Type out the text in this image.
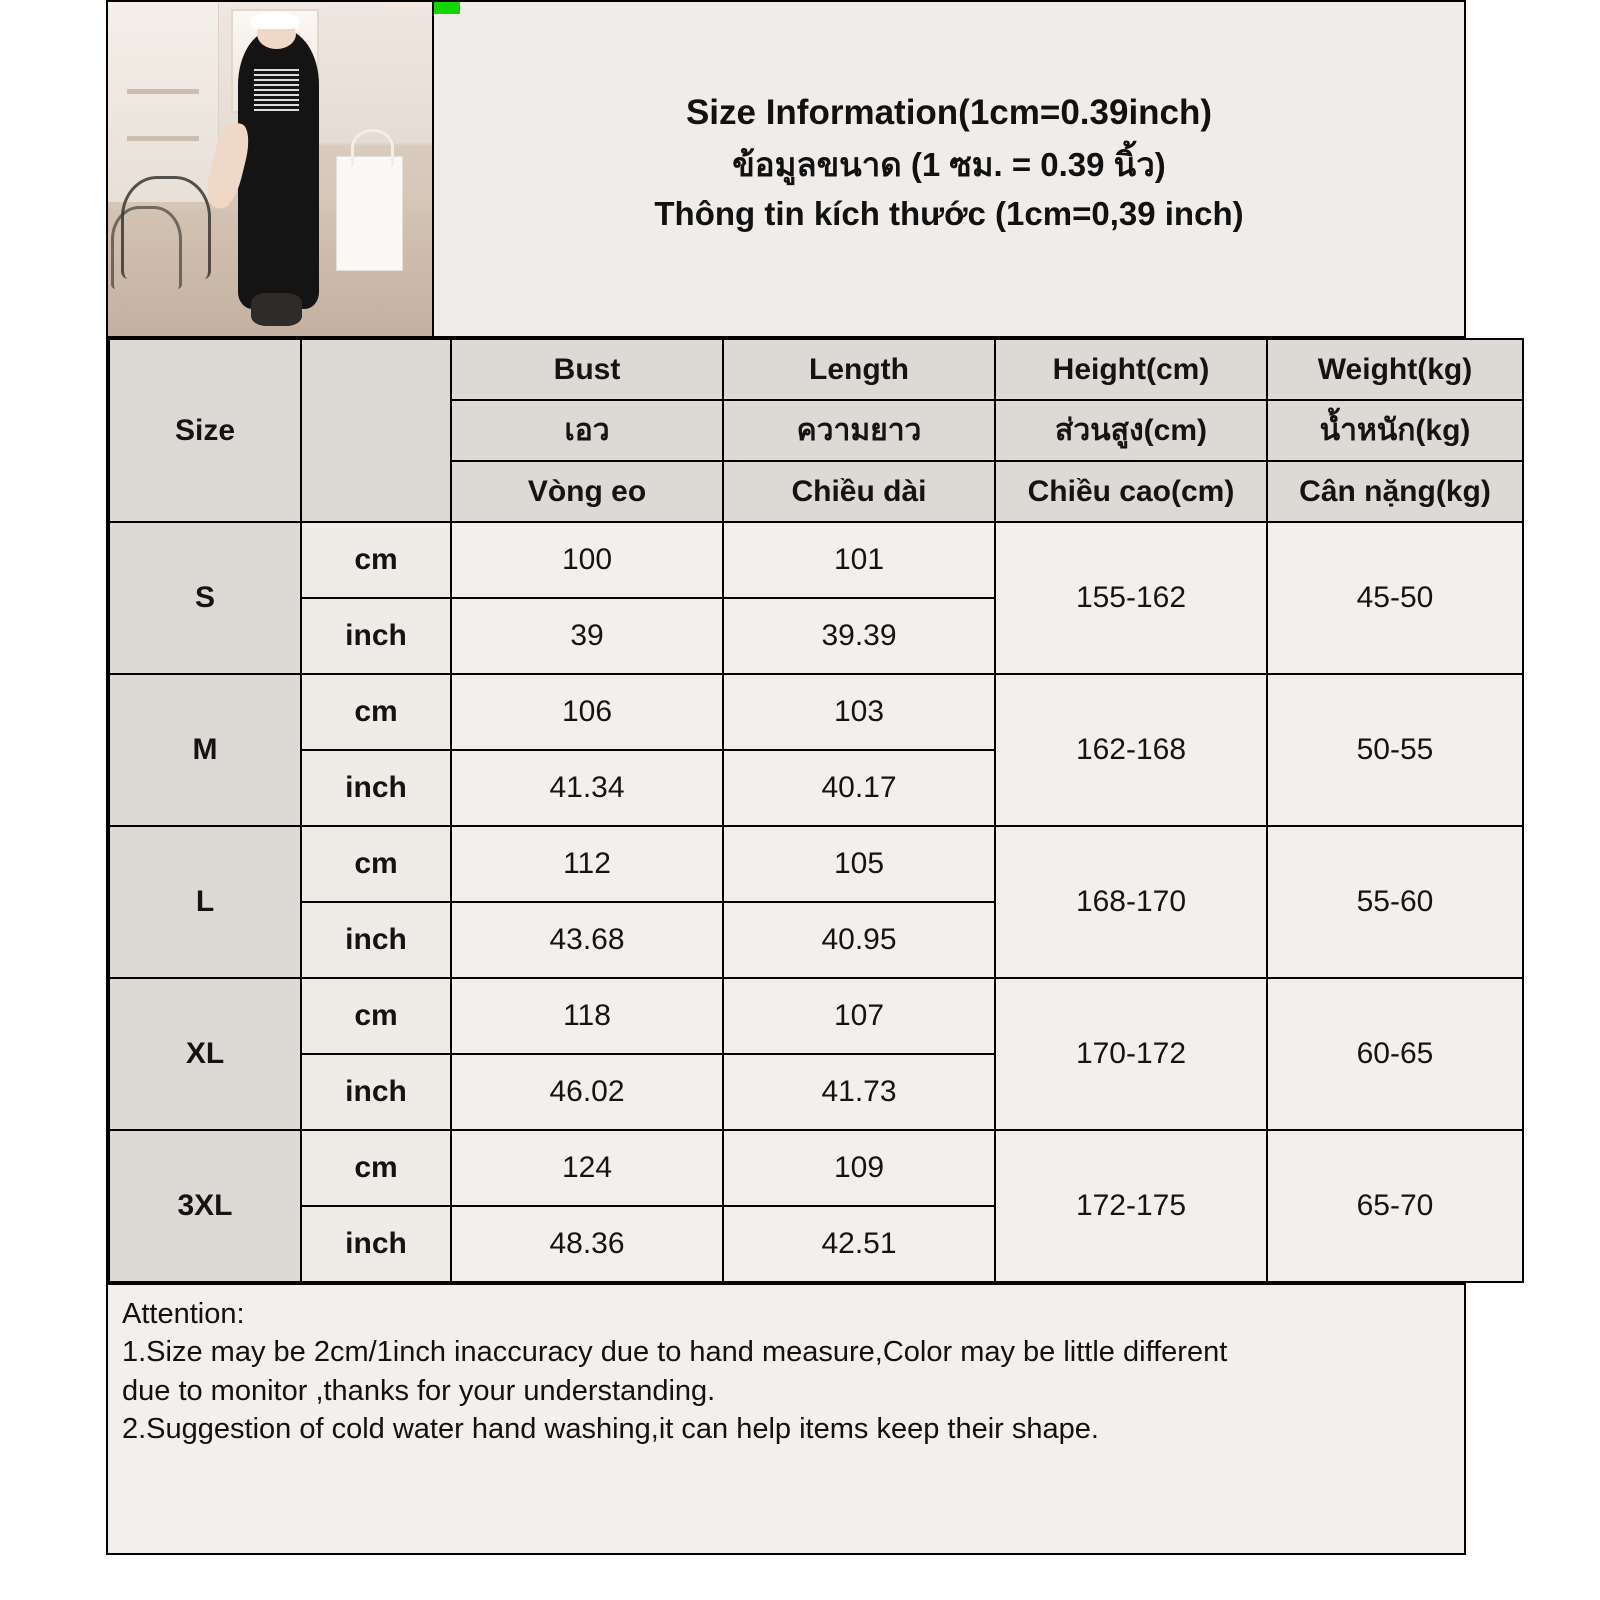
Size Information(1cm=0.39inch)
ข้อมูลขนาด (1 ซม. = 0.39 นิ้ว)
Thông tin kích thước (1cm=0,39 inch)
Size		Bust	Length	Height(cm)	Weight(kg)
		เอว	ความยาว	ส่วนสูง(cm)	น้ำหนัก(kg)
		Vòng eo	Chiều dài	Chiều cao(cm)	Cân nặng(kg)
S	cm	100	101	155-162	45-50
	inch	39	39.39		
M	cm	106	103	162-168	50-55
	inch	41.34	40.17		
L	cm	112	105	168-170	55-60
	inch	43.68	40.95		
XL	cm	118	107	170-172	60-65
	inch	46.02	41.73		
3XL	cm	124	109	172-175	65-70
	inch	48.36	42.51		
Attention:
1.Size may be 2cm/1inch inaccuracy due to hand measure,Color may be little different
due to monitor ,thanks for your understanding.
2.Suggestion of cold water hand washing,it can help items keep their shape.
